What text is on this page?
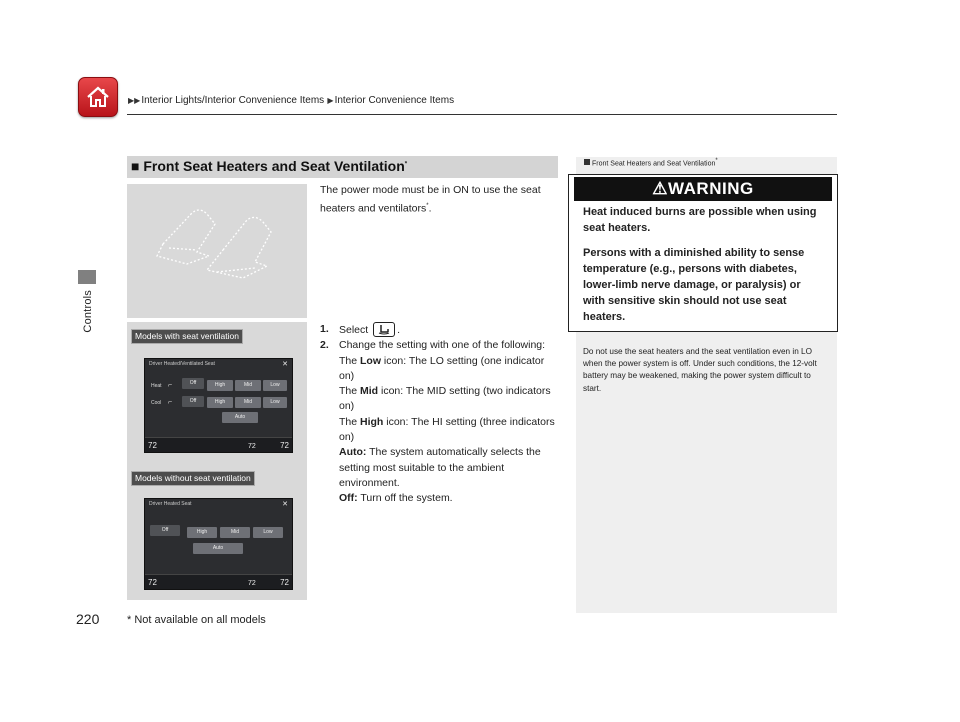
▶▶Interior Lights/Interior Convenience Items ▶Interior Convenience Items
Controls
■ Front Seat Heaters and Seat Ventilation*
Models with seat ventilation
Driver Heated/Ventilated Seat	✕
Heat
Cool
⌐
⌐
Off	High	Mid	Low
Off	High	Mid	Low
Auto
72	72	72
Models without seat ventilation
Driver Heated Seat	✕
Off	High	Mid	Low
Auto
72	72	72
The power mode must be in ON to use the seat heaters and ventilators*.
1. Select	.
2. Change the setting with one of the following:
The Low icon: The LO setting (one indicator on)
The Mid icon: The MID setting (two indicators on)
The High icon: The HI setting (three indicators on)
Auto: The system automatically selects the setting most suitable to the ambient environment.
Off: Turn off the system.
Front Seat Heaters and Seat Ventilation*
⚠WARNING
Heat induced burns are possible when using seat heaters.
Persons with a diminished ability to sense temperature (e.g., persons with diabetes, lower-limb nerve damage, or paralysis) or with sensitive skin should not use seat heaters.
Do not use the seat heaters and the seat ventilation even in LO when the power system is off. Under such conditions, the 12-volt battery may be weakened, making the power system difficult to start.
220	* Not available on all models
